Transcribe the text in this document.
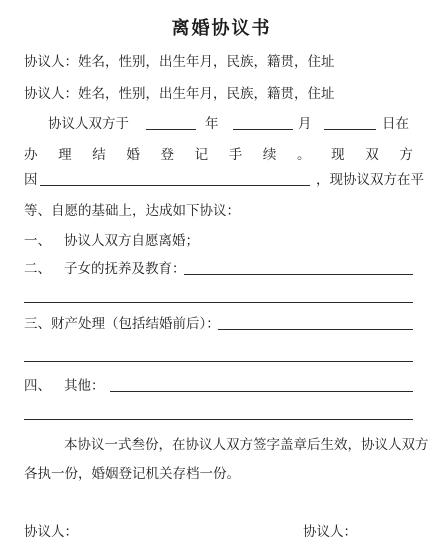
离婚协议书
协议人：姓名，性别，出生年月，民族，籍贯，住址
协议人：姓名，性别，出生年月，民族，籍贯，住址
协议人双方于	年	月	日在
办 理 结 婚 登 记 手 续 。 现 双 方
因	，现协议双方在平
等、自愿的基础上，达成如下协议：
一、 协议人双方自愿离婚；
二、 子女的抚养及教育：
三、财产处理（包括结婚前后）：
四、 其他：
本协议一式叁份，在协议人双方签字盖章后生效，协议人双方
各执一份，婚姻登记机关存档一份。
协议人：	协议人：
